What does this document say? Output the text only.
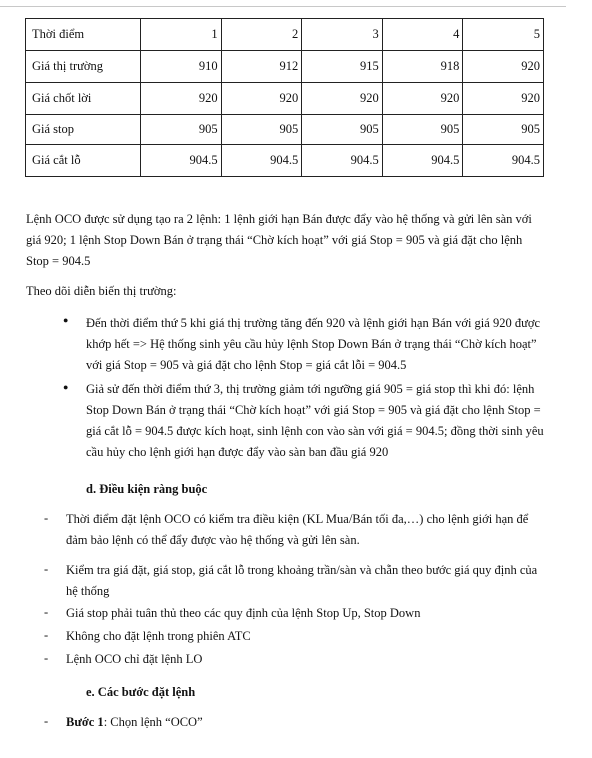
Thời điểm	1	2	3	4	5
Giá thị trường	910	912	915	918	920
Giá chốt lời	920	920	920	920	920
Giá stop	905	905	905	905	905
Giá cắt lỗ	904.5	904.5	904.5	904.5	904.5
Lệnh OCO được sử dụng tạo ra 2 lệnh: 1 lệnh giới hạn Bán được đẩy vào hệ thống và gửi lên sàn với
giá 920; 1 lệnh Stop Down Bán ở trạng thái “Chờ kích hoạt” với giá Stop = 905 và giá đặt cho lệnh
Stop = 904.5
Theo dõi diễn biến thị trường:
● Đến thời điểm thứ 5 khi giá thị trường tăng đến 920 và lệnh giới hạn Bán với giá 920 được
khớp hết => Hệ thống sinh yêu cầu hủy lệnh Stop Down Bán ở trạng thái “Chờ kích hoạt”
với giá Stop = 905 và giá đặt cho lệnh Stop = giá cắt lỗi = 904.5
● Giả sử đến thời điểm thứ 3, thị trường giảm tới ngưỡng giá 905 = giá stop thì khi đó: lệnh
Stop Down Bán ở trạng thái “Chờ kích hoạt” với giá Stop = 905 và giá đặt cho lệnh Stop =
giá cắt lỗ = 904.5 được kích hoạt, sinh lệnh con vào sàn với giá = 904.5; đồng thời sinh yêu
cầu hủy cho lệnh giới hạn được đẩy vào sàn ban đầu giá 920
d. Điều kiện ràng buộc
- Thời điểm đặt lệnh OCO có kiểm tra điều kiện (KL Mua/Bán tối đa,…) cho lệnh giới hạn để
đảm bảo lệnh có thể đẩy được vào hệ thống và gửi lên sàn.
- Kiểm tra giá đặt, giá stop, giá cắt lỗ trong khoảng trần/sàn và chẵn theo bước giá quy định của
hệ thống
- Giá stop phải tuân thủ theo các quy định của lệnh Stop Up, Stop Down
- Không cho đặt lệnh trong phiên ATC
- Lệnh OCO chỉ đặt lệnh LO
e. Các bước đặt lệnh
- Bước 1: Chọn lệnh “OCO”
